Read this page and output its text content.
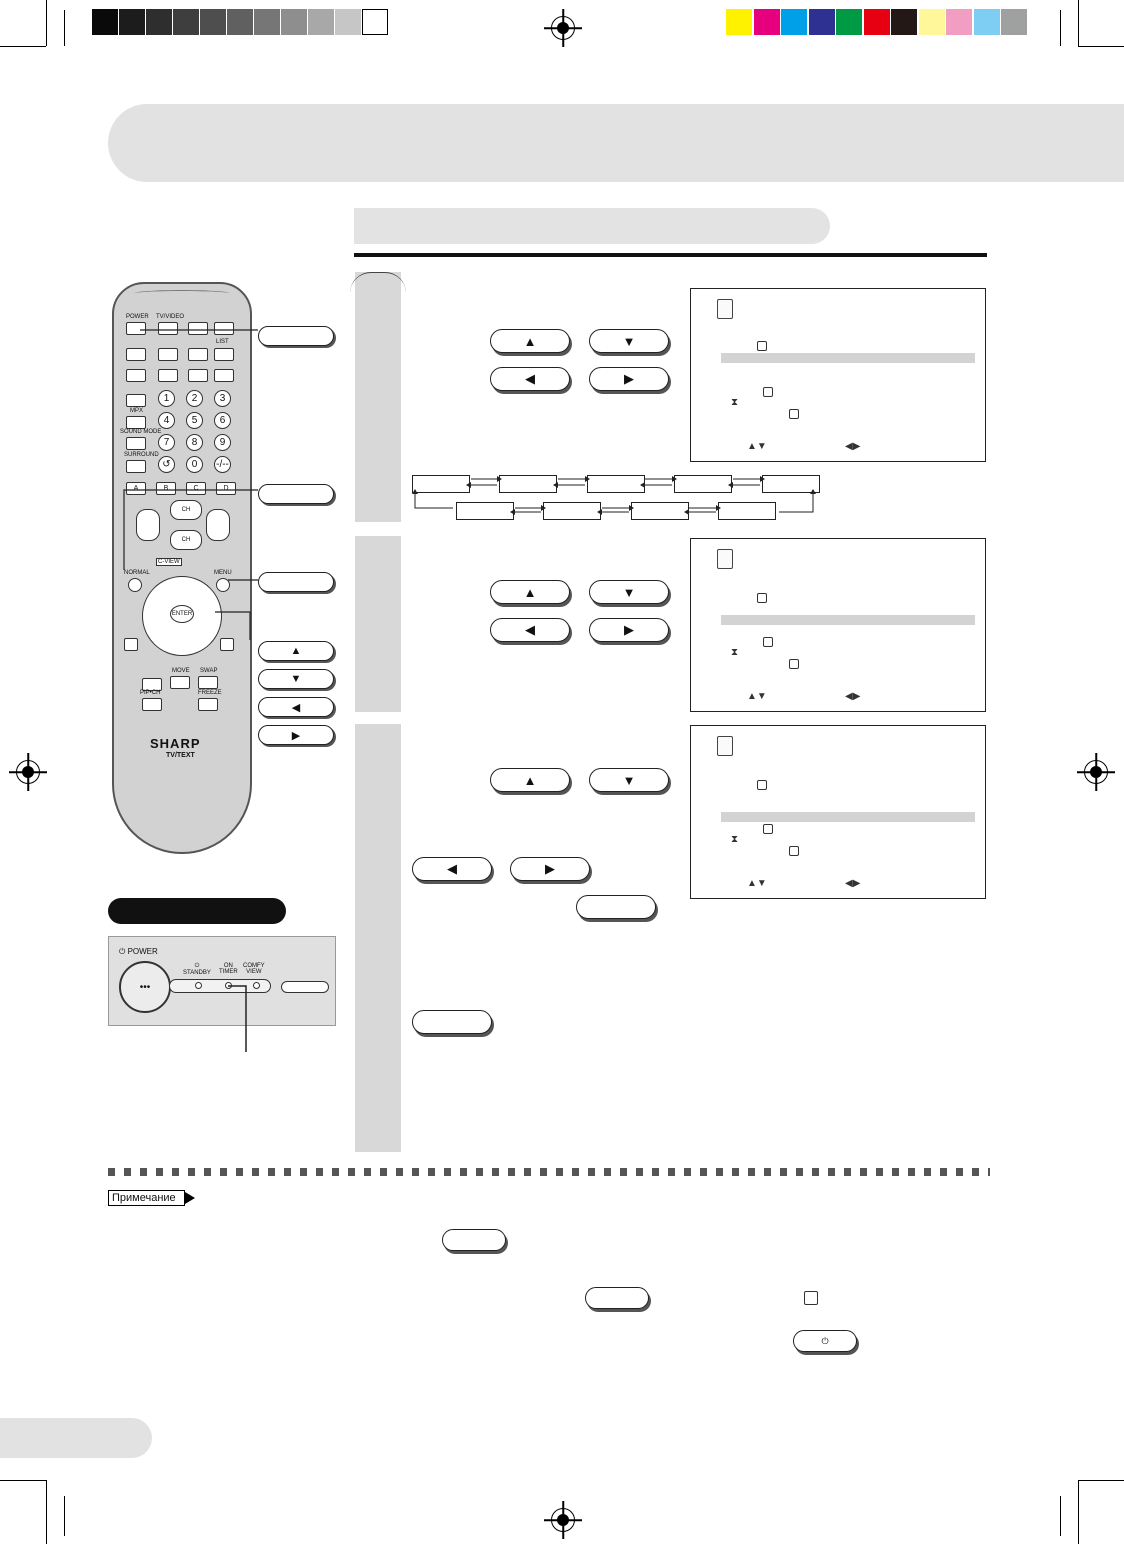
▲	▼
◀	▶
⧗
▲▼	◀▶
▲	▼
◀	▶
⧗
▲▼	◀▶
▲	▼
◀	▶
⧗
▲▼	◀▶
POWER TV/VIDEO
LIST
MPX
SOUND MODE
SURROUND
1	2	3
4	5	6
7	8	9
↺	0	-/--
A	B	C	D
CH
CH
C-VIEW
NORMAL	MENU
ENTER
MOVE SWAP
PIP•CH	FREEZE
SHARP
TV/TEXT
▲
▼
◀
▶
⏻ POWER
•••
⏻
STANDBY
ON
TIMER
COMFY
VIEW
Примечание
⏻
